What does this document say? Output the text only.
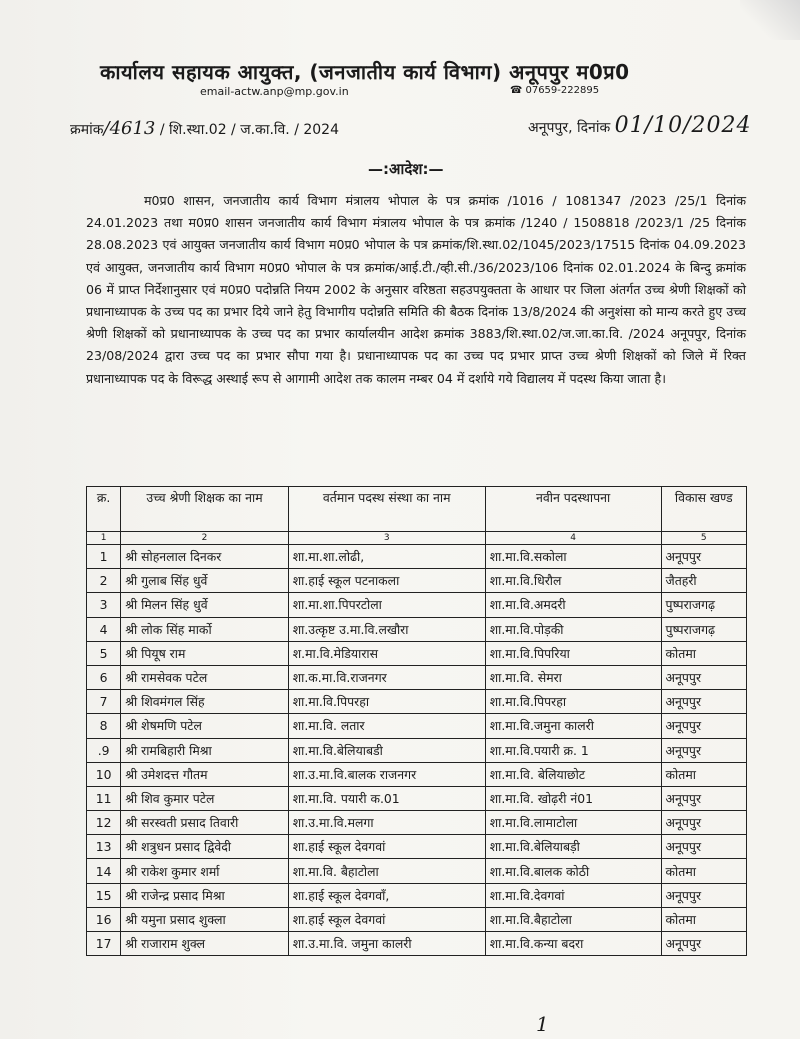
कार्यालय सहायक आयुक्त, (जनजातीय कार्य विभाग) अनूपपुर म0प्र0
email-actw.anp@mp.gov.in	☎ 07659-222895
क्रमांक/4613 / शि.स्था.02 / ज.का.वि. / 2024	अनूपपुर, दिनांक 01/10/2024
—:आदेश:—
म0प्र0 शासन, जनजातीय कार्य विभाग मंत्रालय भोपाल के पत्र क्रमांक /1016 / 1081347 /2023 /25/1 दिनांक 24.01.2023 तथा म0प्र0 शासन जनजातीय कार्य विभाग मंत्रालय भोपाल के पत्र क्रमांक /1240 / 1508818 /2023/1 /25 दिनांक 28.08.2023 एवं आयुक्त जनजातीय कार्य विभाग म0प्र0 भोपाल के पत्र क्रमांक/शि.स्था.02/1045/2023/17515 दिनांक 04.09.2023 एवं आयुक्त, जनजातीय कार्य विभाग म0प्र0 भोपाल के पत्र क्रमांक/आई.टी./व्ही.सी./36/2023/106 दिनांक 02.01.2024 के बिन्दु क्रमांक 06 में प्राप्त निर्देशानुसार एवं म0प्र0 पदोन्नति नियम 2002 के अनुसार वरिष्ठता सहउपयुक्तता के आधार पर जिला अंतर्गत उच्च श्रेणी शिक्षकों को प्रधानाध्यापक के उच्च पद का प्रभार दिये जाने हेतु विभागीय पदोन्नति समिति की बैठक दिनांक 13/8/2024 की अनुशंसा को मान्य करते हुए उच्च श्रेणी शिक्षकों को प्रधानाध्यापक के उच्च पद का प्रभार कार्यालयीन आदेश क्रमांक 3883/शि.स्था.02/ज.जा.का.वि. /2024 अनूपपुर, दिनांक 23/08/2024 द्वारा उच्च पद का प्रभार सौपा गया है। प्रधानाध्यापक पद का उच्च पद प्रभार प्राप्त उच्च श्रेणी शिक्षकों को जिले में रिक्त प्रधानाध्यापक पद के विरूद्ध अस्थाई रूप से आगामी आदेश तक कालम नम्बर 04 में दर्शाये गये विद्यालय में पदस्थ किया जाता है।
क्र.	उच्च श्रेणी शिक्षक का नाम	वर्तमान पदस्थ संस्था का नाम	नवीन पदस्थापना	विकास खण्ड
1	2	3	4	5
1	श्री सोहनलाल दिनकर	शा.मा.शा.लोढी,	शा.मा.वि.सकोला	अनूपपुर
2	श्री गुलाब सिंह धुर्वे	शा.हाई स्कूल पटनाकला	शा.मा.वि.धिरौल	जैतहरी
3	श्री मिलन सिंह धुर्वे	शा.मा.शा.पिपरटोला	शा.मा.वि.अमदरी	पुष्पराजगढ़
4	श्री लोक सिंह मार्को	शा.उत्कृष्ट उ.मा.वि.लखौरा	शा.मा.वि.पोड़की	पुष्पराजगढ़
5	श्री पियूष राम	श.मा.वि.मेडियारास	शा.मा.वि.पिपरिया	कोतमा
6	श्री रामसेवक पटेल	शा.क.मा.वि.राजनगर	शा.मा.वि. सेमरा	अनूपपुर
7	श्री शिवमंगल सिंह	शा.मा.वि.पिपरहा	शा.मा.वि.पिपरहा	अनूपपुर
8	श्री शेषमणि पटेल	शा.मा.वि. लतार	शा.मा.वि.जमुना कालरी	अनूपपुर
.9	श्री रामबिहारी मिश्रा	शा.मा.वि.बेलियाबडी	शा.मा.वि.पयारी क्र. 1	अनूपपुर
10	श्री उमेशदत्त गौतम	शा.उ.मा.वि.बालक राजनगर	शा.मा.वि. बेलियाछोट	कोतमा
11	श्री शिव कुमार पटेल	शा.मा.वि. पयारी क.01	शा.मा.वि. खोढ़री नं01	अनूपपुर
12	श्री सरस्वती प्रसाद तिवारी	शा.उ.मा.वि.मलगा	शा.मा.वि.लामाटोला	अनूपपुर
13	श्री शत्रुधन प्रसाद द्विवेदी	शा.हाई स्कूल देवगवां	शा.मा.वि.बेलियाबड़ी	अनूपपुर
14	श्री राकेश कुमार शर्मा	शा.मा.वि. बैहाटोला	शा.मा.वि.बालक कोठी	कोतमा
15	श्री राजेन्द्र प्रसाद मिश्रा	शा.हाई स्कूल देवगवाँ,	शा.मा.वि.देवगवां	अनूपपुर
16	श्री यमुना प्रसाद शुक्ला	शा.हाई स्कूल देवगवां	शा.मा.वि.बैहाटोला	कोतमा
17	श्री राजाराम शुक्ल	शा.उ.मा.वि. जमुना कालरी	शा.मा.वि.कन्या बदरा	अनूपपुर
1
